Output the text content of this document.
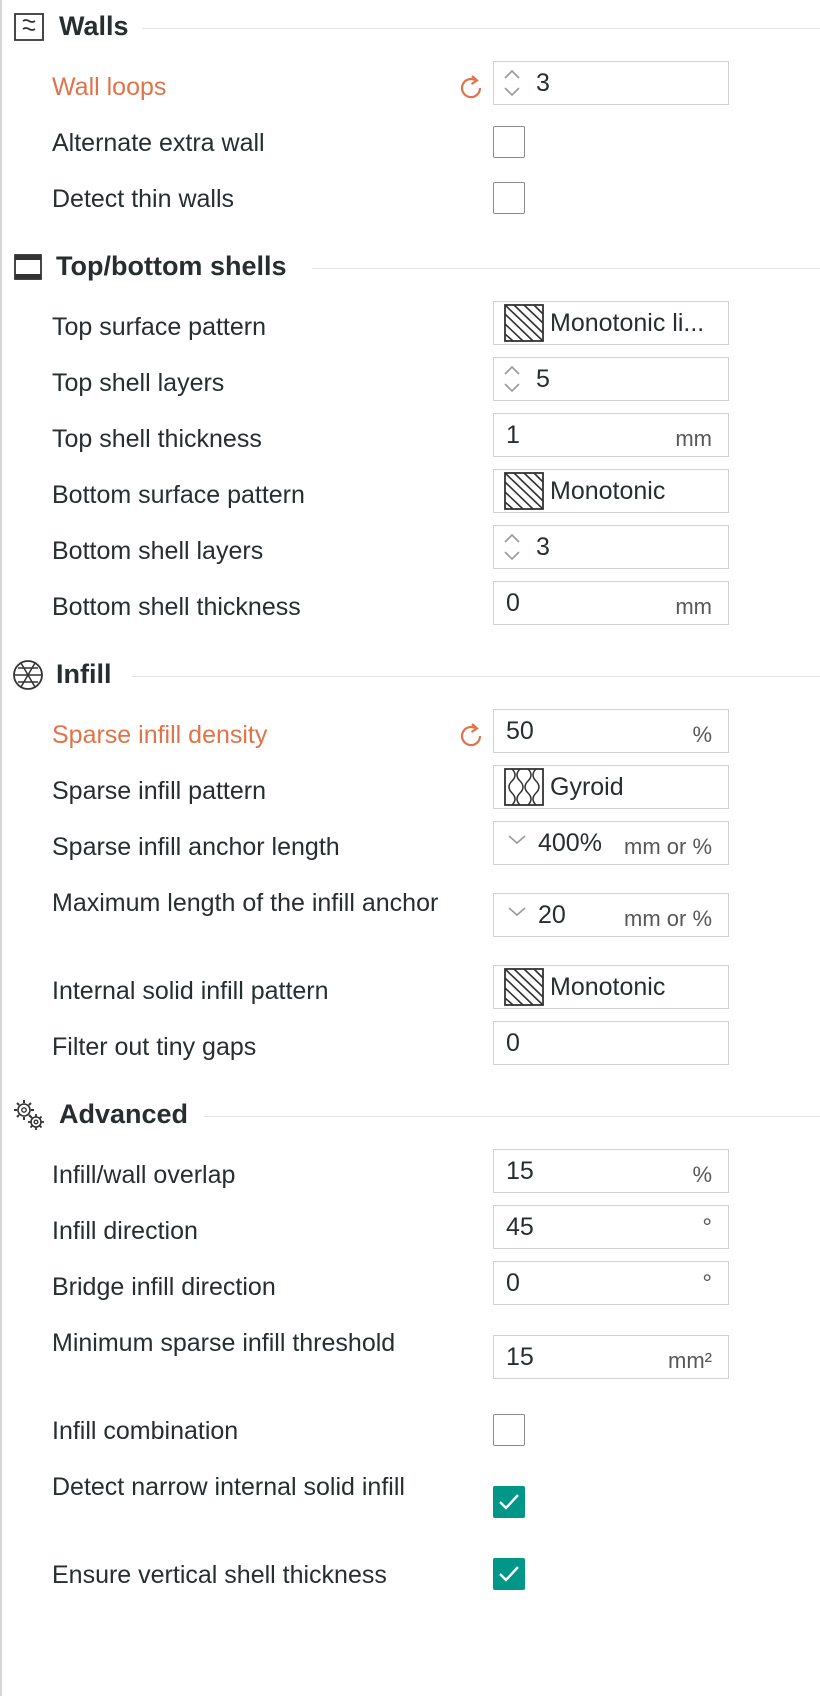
Walls
Wall loops	3
Alternate extra wall
Detect thin walls
Top/bottom shells
Top surface pattern	Monotonic li...
Top shell layers	5
Top shell thickness	1	mm
Bottom surface pattern	Monotonic
Bottom shell layers	3
Bottom shell thickness	0	mm
Infill
Sparse infill density	50	%
Sparse infill pattern	Gyroid
Sparse infill anchor length	400% mm or %
Maximum length of the infill anchor	20	mm or %
Internal solid infill pattern	Monotonic
Filter out tiny gaps	0
Advanced
Infill/wall overlap	15	%
Infill direction	45	°
Bridge infill direction	0	°
Minimum sparse infill threshold	15	mm²
Infill combination
Detect narrow internal solid infill
Ensure vertical shell thickness
